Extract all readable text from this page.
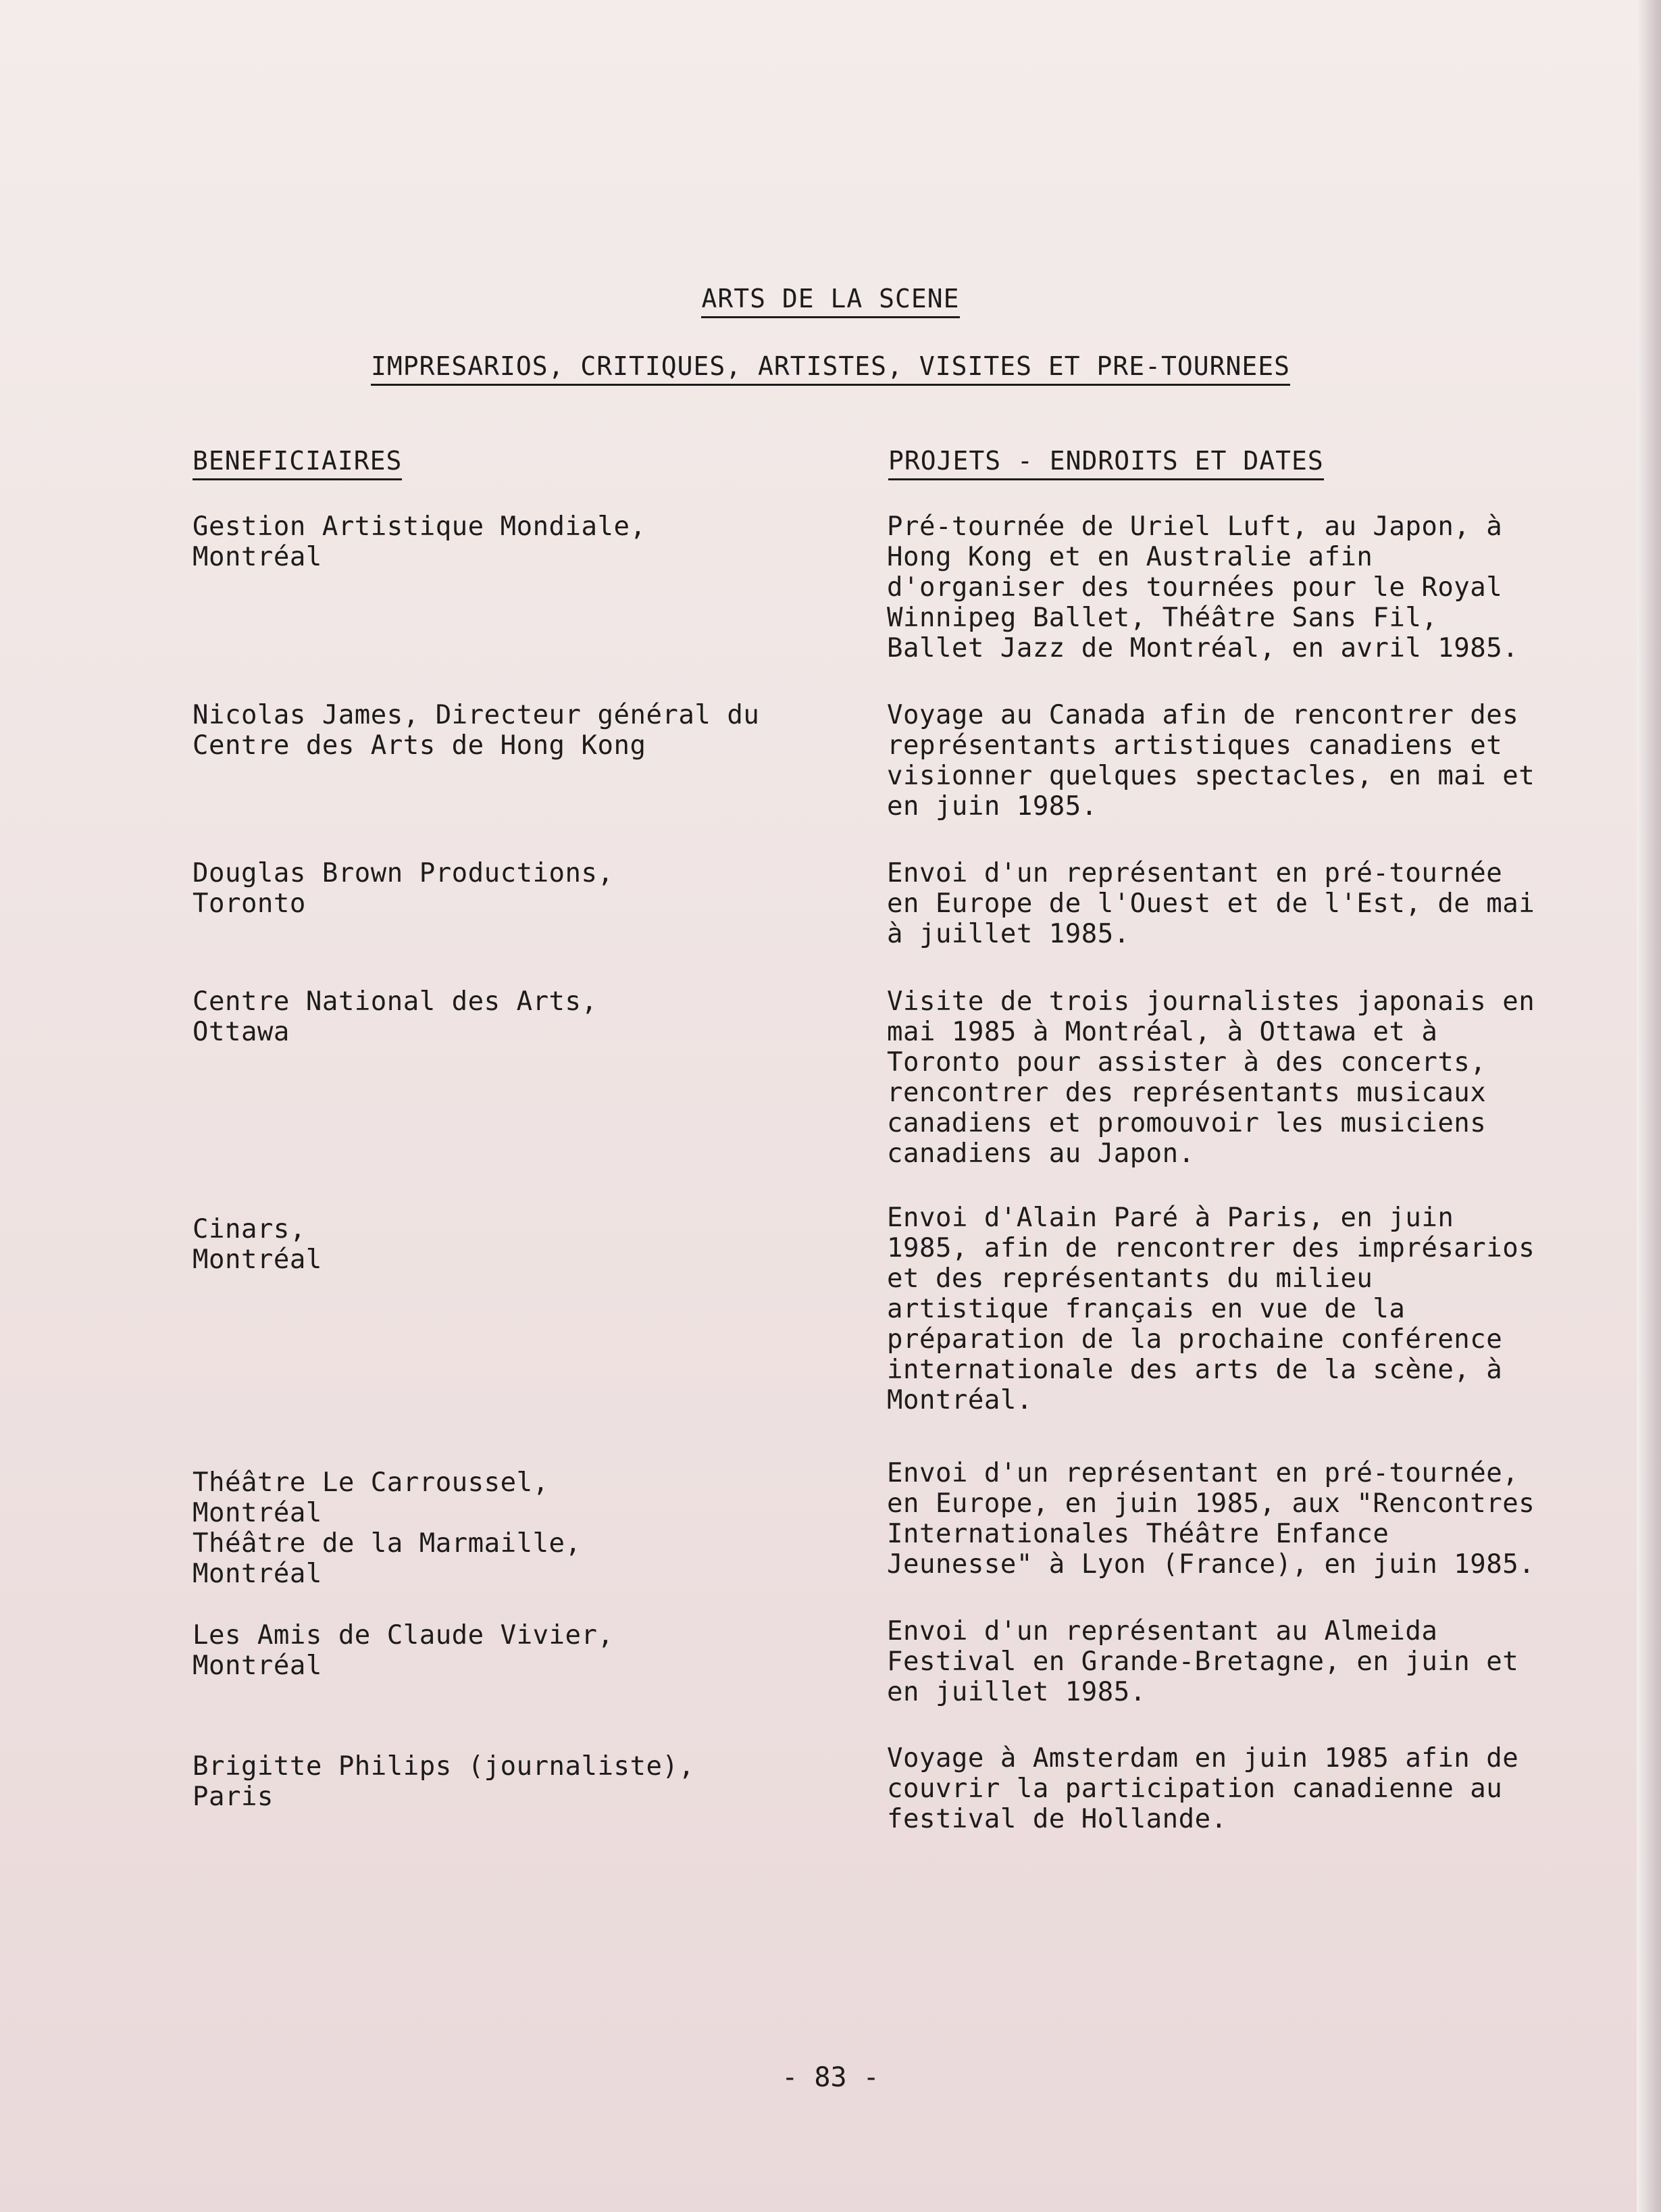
ARTS DE LA SCENE
IMPRESARIOS, CRITIQUES, ARTISTES, VISITES ET PRE-TOURNEES
BENEFICIAIRES	PROJETS - ENDROITS ET DATES
Gestion Artistique Mondiale,
Montréal
Pré-tournée de Uriel Luft, au Japon, à
Hong Kong et en Australie afin
d'organiser des tournées pour le Royal
Winnipeg Ballet, Théâtre Sans Fil,
Ballet Jazz de Montréal, en avril 1985.
Nicolas James, Directeur général du
Centre des Arts de Hong Kong
Voyage au Canada afin de rencontrer des
représentants artistiques canadiens et
visionner quelques spectacles, en mai et
en juin 1985.
Douglas Brown Productions,
Toronto
Envoi d'un représentant en pré-tournée
en Europe de l'Ouest et de l'Est, de mai
à juillet 1985.
Centre National des Arts,
Ottawa
Visite de trois journalistes japonais en
mai 1985 à Montréal, à Ottawa et à
Toronto pour assister à des concerts,
rencontrer des représentants musicaux
canadiens et promouvoir les musiciens
canadiens au Japon.
Cinars,
Montréal
Envoi d'Alain Paré à Paris, en juin
1985, afin de rencontrer des imprésarios
et des représentants du milieu
artistique français en vue de la
préparation de la prochaine conférence
internationale des arts de la scène, à
Montréal.
Théâtre Le Carroussel,
Montréal
Théâtre de la Marmaille,
Montréal
Envoi d'un représentant en pré-tournée,
en Europe, en juin 1985, aux "Rencontres
Internationales Théâtre Enfance
Jeunesse" à Lyon (France), en juin 1985.
Les Amis de Claude Vivier,
Montréal
Envoi d'un représentant au Almeida
Festival en Grande-Bretagne, en juin et
en juillet 1985.
Brigitte Philips (journaliste),
Paris
Voyage à Amsterdam en juin 1985 afin de
couvrir la participation canadienne au
festival de Hollande.
- 83 -
